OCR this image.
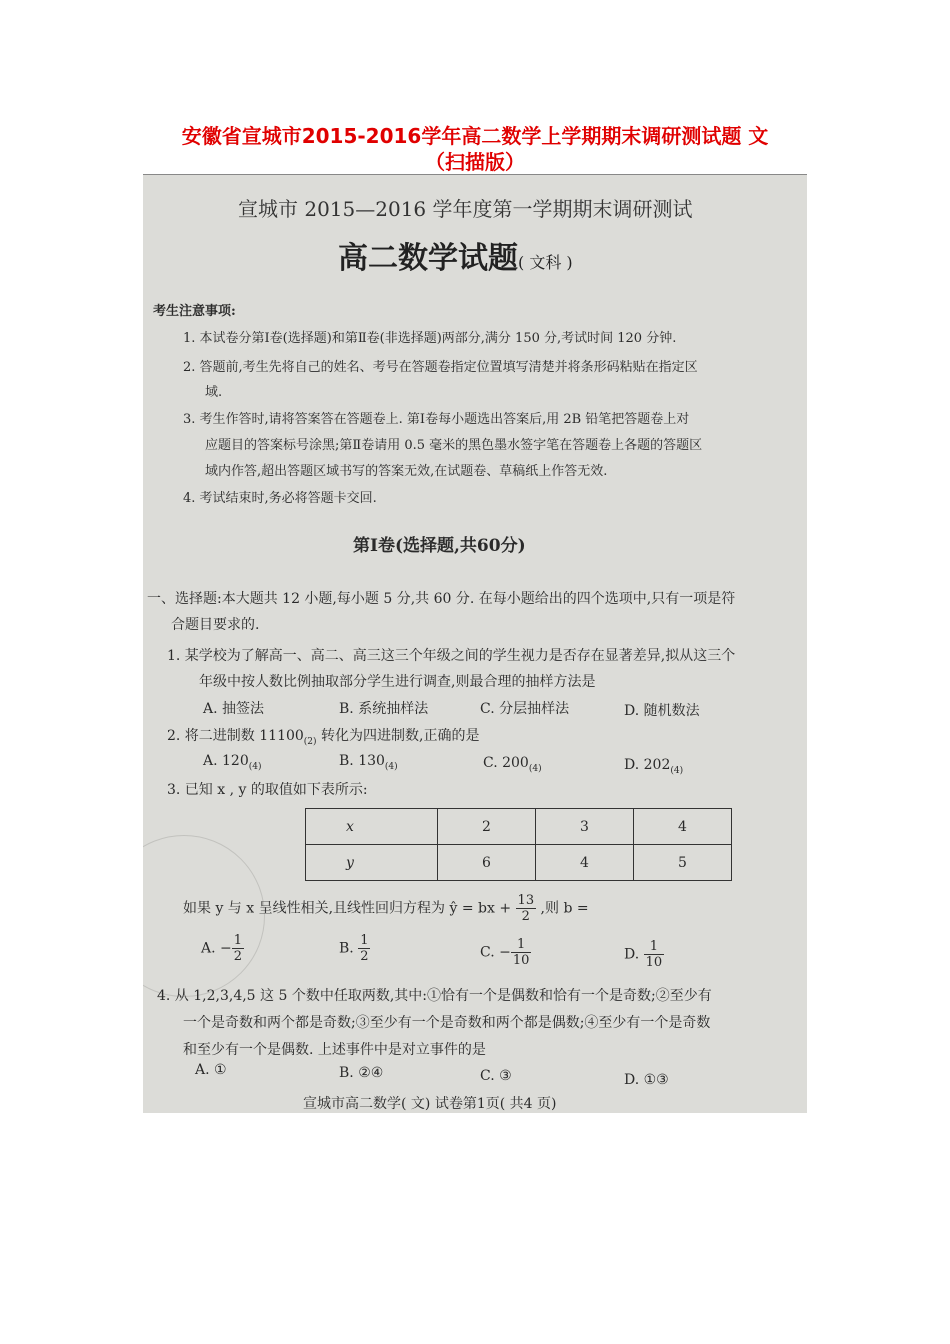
安徽省宣城市2015-2016学年高二数学上学期期末调研测试题 文
（扫描版）
宣城市 2015—2016 学年度第一学期期末调研测试
高二数学试题( 文科 )
考生注意事项:
1. 本试卷分第Ⅰ卷(选择题)和第Ⅱ卷(非选择题)两部分,满分 150 分,考试时间 120 分钟.
2. 答题前,考生先将自己的姓名、考号在答题卷指定位置填写清楚并将条形码粘贴在指定区
域.
3. 考生作答时,请将答案答在答题卷上. 第Ⅰ卷每小题选出答案后,用 2B 铅笔把答题卷上对
应题目的答案标号涂黑;第Ⅱ卷请用 0.5 毫米的黑色墨水签字笔在答题卷上各题的答题区
域内作答,超出答题区域书写的答案无效,在试题卷、草稿纸上作答无效.
4. 考试结束时,务必将答题卡交回.
第Ⅰ卷(选择题,共60分)
一、选择题:本大题共 12 小题,每小题 5 分,共 60 分. 在每小题给出的四个选项中,只有一项是符
合题目要求的.
1. 某学校为了解高一、高二、高三这三个年级之间的学生视力是否存在显著差异,拟从这三个
年级中按人数比例抽取部分学生进行调查,则最合理的抽样方法是
A. 抽签法	B. 系统抽样法	C. 分层抽样法	D. 随机数法
2. 将二进制数 $11100_{(2)}$ 转化为四进制数,正确的是
A. $120_{(4)}$	B. $130_{(4)}$	C. $200_{(4)}$	D. $202_{(4)}$
3. 已知 x , y 的取值如下表所示:
x	2	3	4
y	6	4	5
如果 y 与 x 呈线性相关,且线性回归方程为 ŷ = bx + $\frac{13}{2}$ ,则 b =
A. − $\frac{1}{2}$	B. $\frac{1}{2}$	C. − $\frac{1}{10}$	D. $\frac{1}{10}$
4. 从 1,2,3,4,5 这 5 个数中任取两数,其中:①恰有一个是偶数和恰有一个是奇数;②至少有
一个是奇数和两个都是奇数;③至少有一个是奇数和两个都是偶数;④至少有一个是奇数
和至少有一个是偶数. 上述事件中是对立事件的是
A. ①	B. ②④	C. ③	D. ①③
宣城市高二数学( 文) 试卷第1页( 共4 页)
